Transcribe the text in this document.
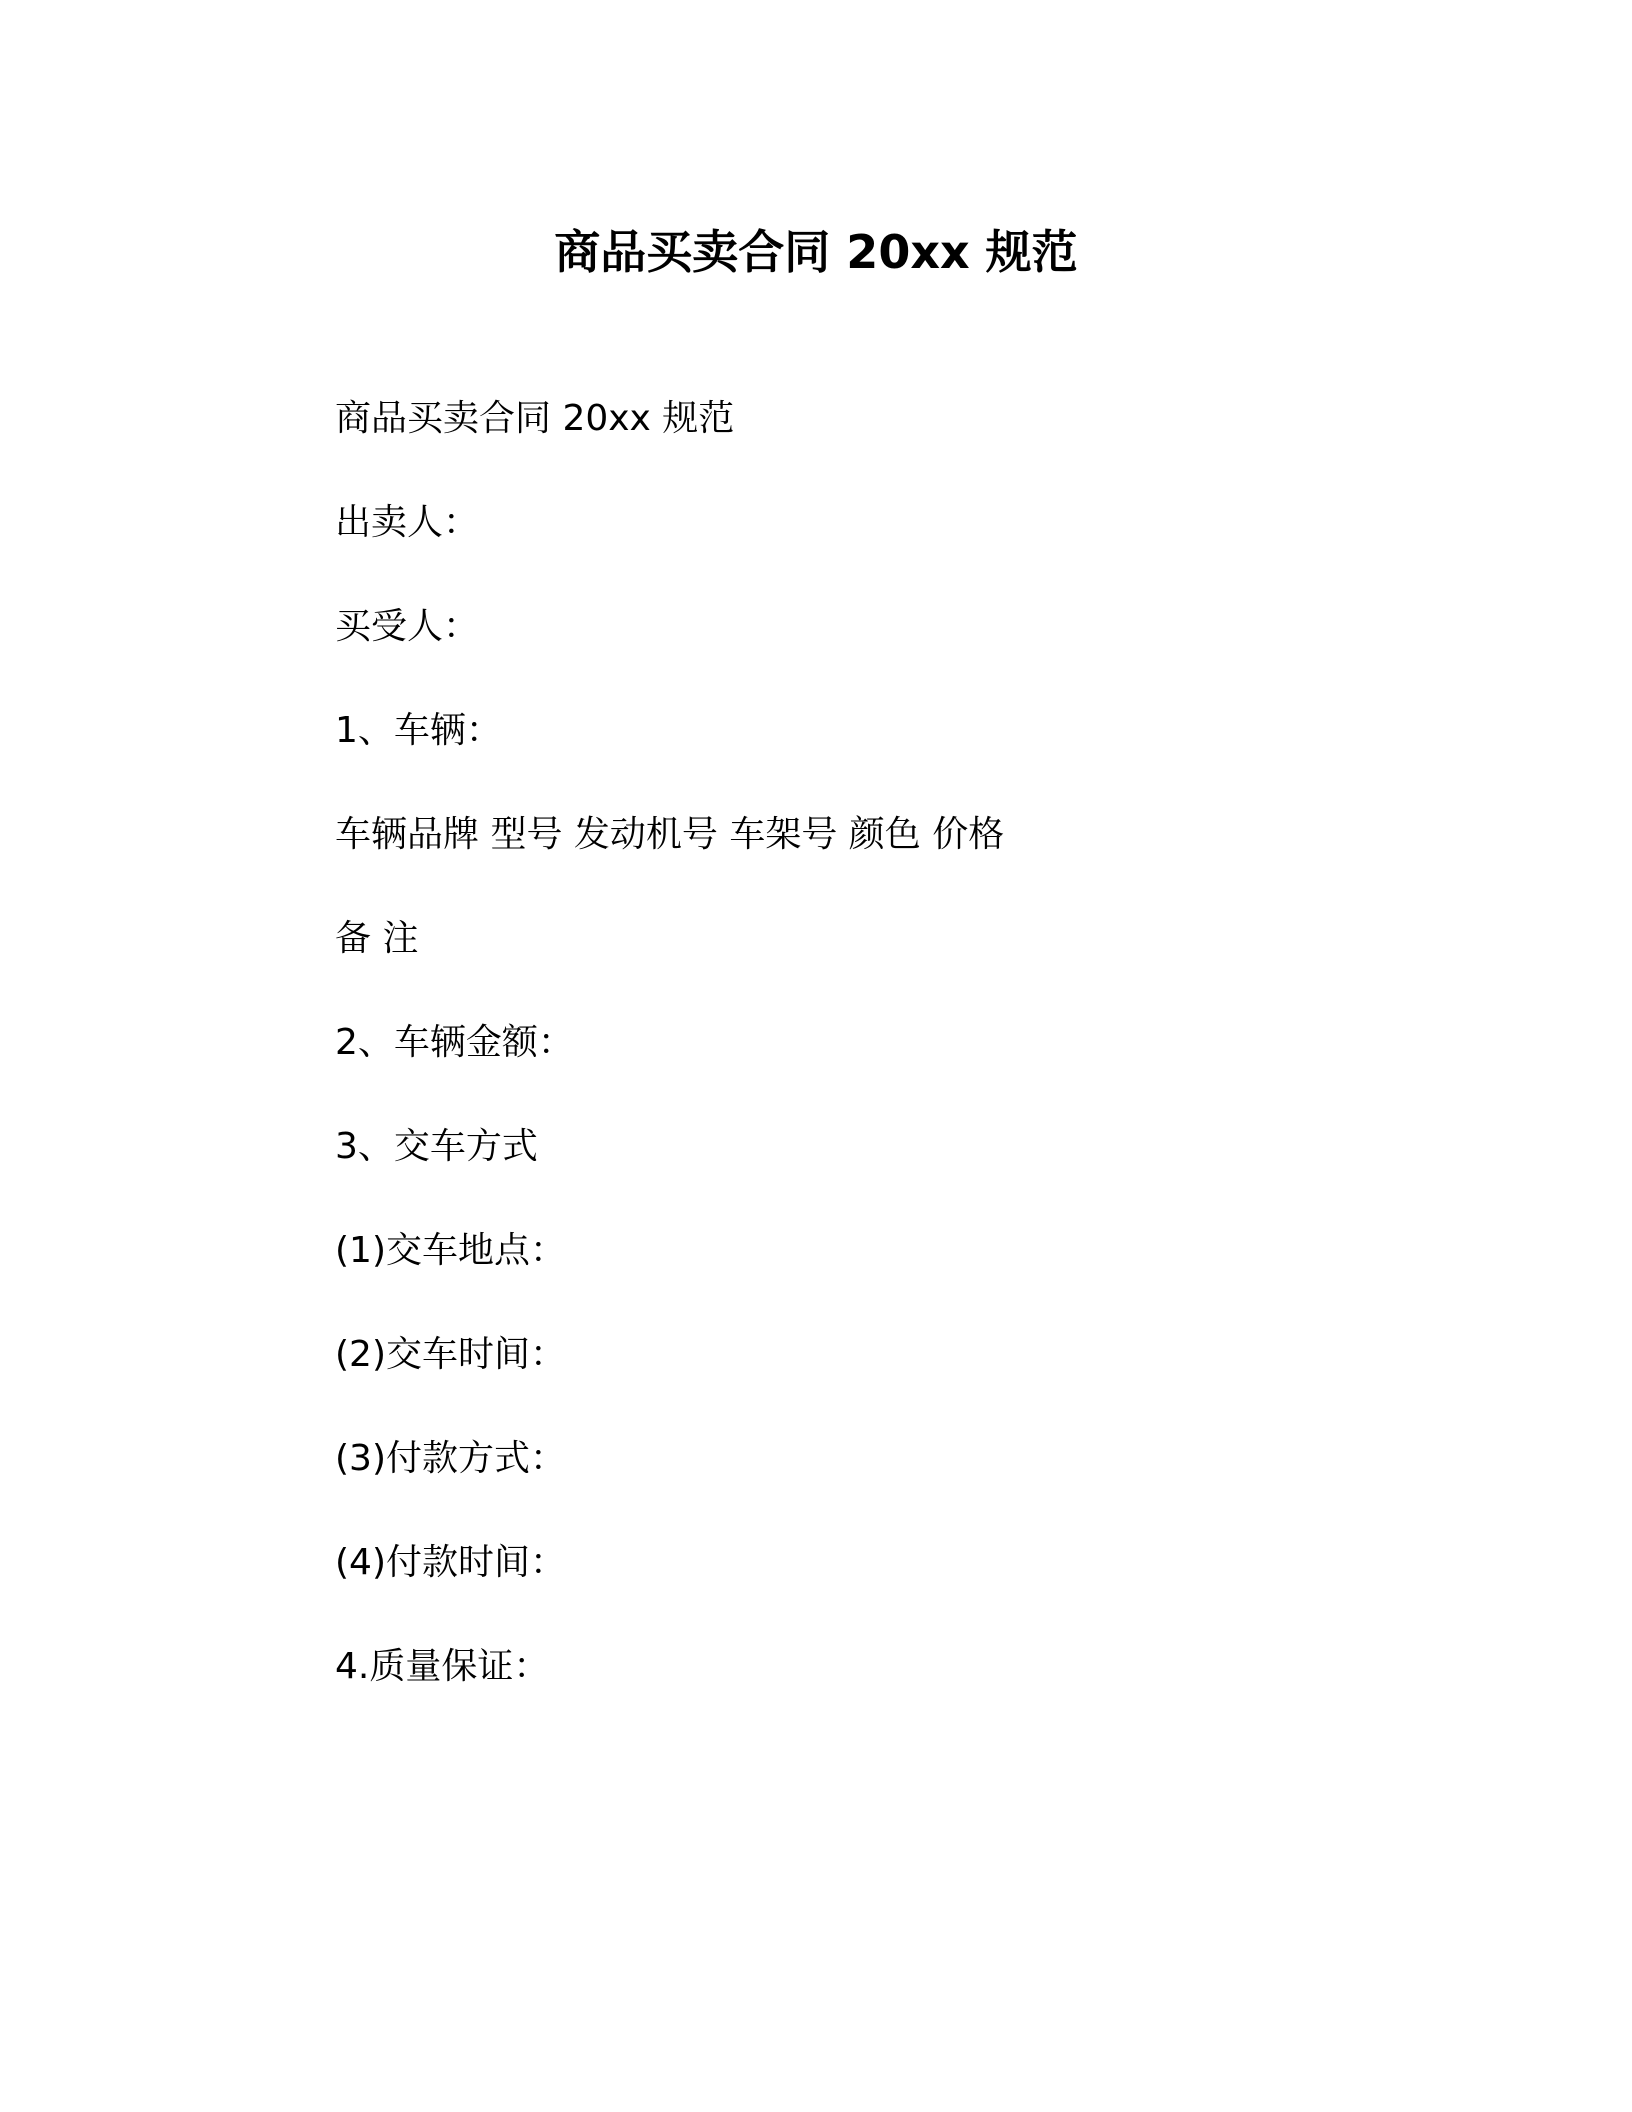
商品买卖合同 20xx 规范
商品买卖合同 20xx 规范
出卖人：
买受人：
1、车辆：
车辆品牌 型号 发动机号 车架号 颜色 价格
备 注
2、车辆金额：
3、交车方式
(1)交车地点：
(2)交车时间：
(3)付款方式：
(4)付款时间：
4.质量保证：
